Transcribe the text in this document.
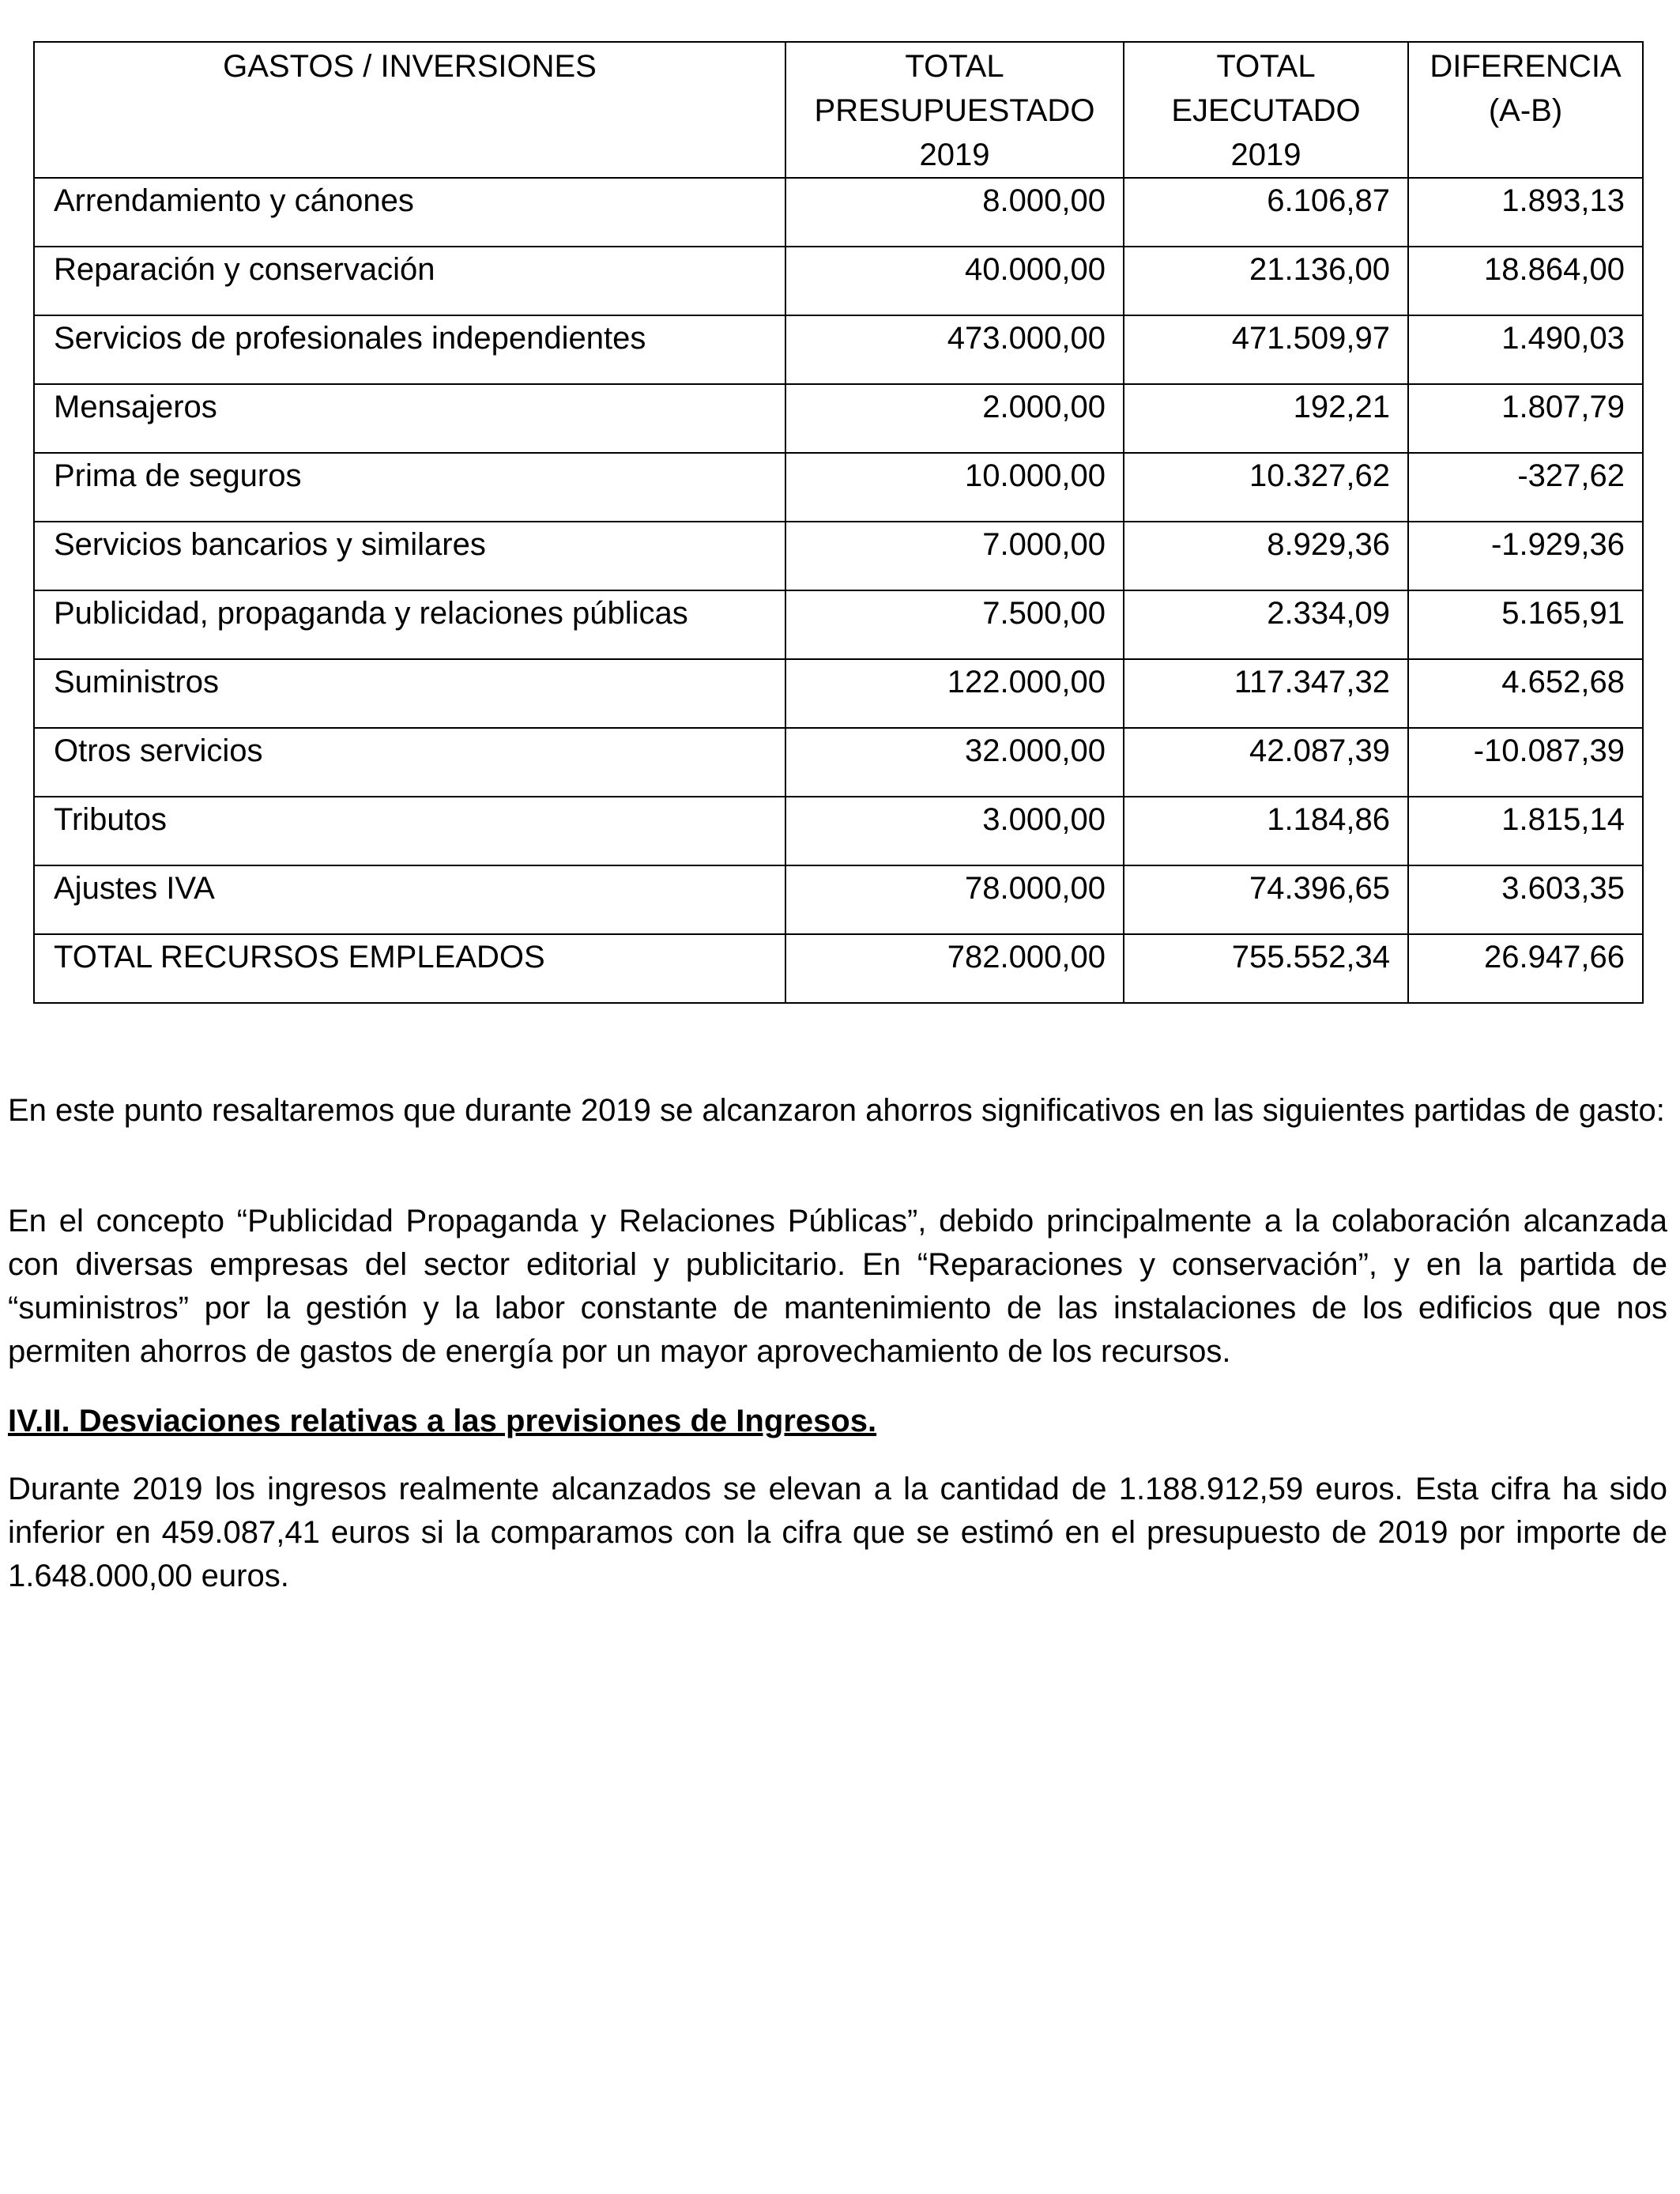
GASTOS / INVERSIONES	TOTAL
PRESUPUESTADO
2019	TOTAL
EJECUTADO
2019	DIFERENCIA
(A-B)

Arrendamiento y cánones	8.000,00	6.106,87	1.893,13
Reparación y conservación	40.000,00	21.136,00	18.864,00
Servicios de profesionales independientes	473.000,00	471.509,97	1.490,03
Mensajeros	2.000,00	192,21	1.807,79
Prima de seguros	10.000,00	10.327,62	-327,62
Servicios bancarios y similares	7.000,00	8.929,36	-1.929,36
Publicidad, propaganda y relaciones públicas	7.500,00	2.334,09	5.165,91
Suministros	122.000,00	117.347,32	4.652,68
Otros servicios	32.000,00	42.087,39	-10.087,39
Tributos	3.000,00	1.184,86	1.815,14
Ajustes IVA	78.000,00	74.396,65	3.603,35
TOTAL RECURSOS EMPLEADOS	782.000,00	755.552,34	26.947,66

En este punto resaltaremos que durante 2019 se alcanzaron ahorros significativos en las siguientes partidas de gasto:

En el concepto “Publicidad Propaganda y Relaciones Públicas”, debido principalmente a la colaboración alcanzada con diversas empresas del sector editorial y publicitario. En “Reparaciones y conservación”, y en la partida de “suministros” por la gestión y la labor constante de mantenimiento de las instalaciones de los edificios que nos permiten ahorros de gastos de energía por un mayor aprovechamiento de los recursos.

IV.II. Desviaciones relativas a las previsiones de Ingresos.

Durante 2019 los ingresos realmente alcanzados se elevan a la cantidad de 1.188.912,59 euros. Esta cifra ha sido inferior en 459.087,41 euros si la comparamos con la cifra que se estimó en el presupuesto de 2019 por importe de 1.648.000,00 euros.
